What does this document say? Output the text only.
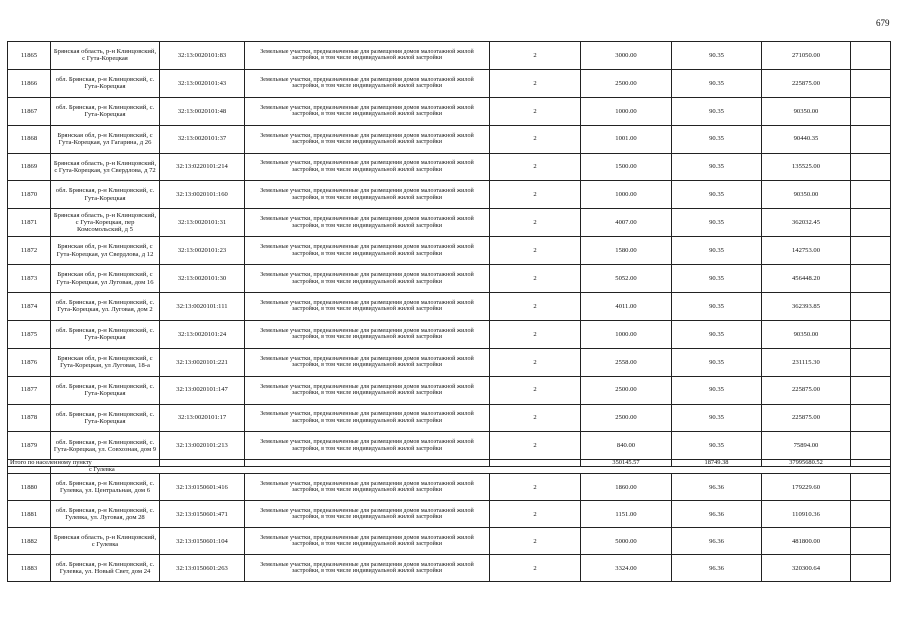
679
11865	Брянская область, р-н Клинцовский, с Гута-Корецкая	32:13:0020101:83	Земельные участки, предназначенные для размещения домов малоэтажной жилой застройки, в том числе индивидуальной жилой застройки	2	3000.00	90.35	271050.00	
11866	обл. Брянская, р-н Клинцовский, с. Гута-Корецкая	32:13:0020101:43	Земельные участки, предназначенные для размещения домов малоэтажной жилой застройки, в том числе индивидуальной жилой застройки	2	2500.00	90.35	225875.00	
11867	обл. Брянская, р-н Клинцовский, с. Гута-Корецкая	32:13:0020101:48	Земельные участки, предназначенные для размещения домов малоэтажной жилой застройки, в том числе индивидуальной жилой застройки	2	1000.00	90.35	90350.00	
11868	Брянская обл, р-н Клинцовский, с Гута-Корецкая, ул Гагарина, д 26	32:13:0020101:37	Земельные участки, предназначенные для размещения домов малоэтажной жилой застройки, в том числе индивидуальной жилой застройки	2	1001.00	90.35	90440.35	
11869	Брянская область, р-н Клинцовский, с Гута-Корецкая, ул Свердлова, д 72	32:13:0220101:214	Земельные участки, предназначенные для размещения домов малоэтажной жилой застройки, в том числе индивидуальной жилой застройки	2	1500.00	90.35	135525.00	
11870	обл. Брянская, р-н Клинцовский, с. Гута-Корецкая	32:13:0020101:160	Земельные участки, предназначенные для размещения домов малоэтажной жилой застройки, в том числе индивидуальной жилой застройки	2	1000.00	90.35	90350.00	
11871	Брянская область, р-н Клинцовский, с Гута-Корецкая, пер Комсомольский, д 5	32:13:0020101:31	Земельные участки, предназначенные для размещения домов малоэтажной жилой застройки, в том числе индивидуальной жилой застройки	2	4007.00	90.35	362032.45	
11872	Брянская обл, р-н Клинцовский, с Гута-Корецкая, ул Свердлова, д 12	32:13:0020101:23	Земельные участки, предназначенные для размещения домов малоэтажной жилой застройки, в том числе индивидуальной жилой застройки	2	1580.00	90.35	142753.00	
11873	Брянская обл, р-н Клинцовский, с Гута-Корецкая, ул Луговая, дом 16	32:13:0020101:30	Земельные участки, предназначенные для размещения домов малоэтажной жилой застройки, в том числе индивидуальной жилой застройки	2	5052.00	90.35	456448.20	
11874	обл. Брянская, р-н Клинцовский, с. Гута-Корецкая, ул. Луговая, дом 2	32:13:0020101:111	Земельные участки, предназначенные для размещения домов малоэтажной жилой застройки, в том числе индивидуальной жилой застройки	2	4011.00	90.35	362393.85	
11875	обл. Брянская, р-н Клинцовский, с. Гута-Корецкая	32:13:0020101:24	Земельные участки, предназначенные для размещения домов малоэтажной жилой застройки, в том числе индивидуальной жилой застройки	2	1000.00	90.35	90350.00	
11876	Брянская обл, р-н Клинцовский, с Гута-Корецкая, ул Луговая, 18-а	32:13:0020101:221	Земельные участки, предназначенные для размещения домов малоэтажной жилой застройки, в том числе индивидуальной жилой застройки	2	2558.00	90.35	231115.30	
11877	обл. Брянская, р-н Клинцовский, с. Гута-Корецкая	32:13:0020101:147	Земельные участки, предназначенные для размещения домов малоэтажной жилой застройки, в том числе индивидуальной жилой застройки	2	2500.00	90.35	225875.00	
11878	обл. Брянская, р-н Клинцовский, с. Гута-Корецкая	32:13:0020101:17	Земельные участки, предназначенные для размещения домов малоэтажной жилой застройки, в том числе индивидуальной жилой застройки	2	2500.00	90.35	225875.00	
11879	обл. Брянская, р-н Клинцовский, с. Гута-Корецкая, ул. Совхозная, дом 9	32:13:0020101:213	Земельные участки, предназначенные для размещения домов малоэтажной жилой застройки, в том числе индивидуальной жилой застройки	2	840.00	90.35	75894.00	
Итого по населенному пункту					350145.57	18749.38	37995680.52	
	с Гулевка							
11880	обл. Брянская, р-н Клинцовский, с. Гулевка, ул. Центральная, дом 6	32:13:0150601:416	Земельные участки, предназначенные для размещения домов малоэтажной жилой застройки, в том числе индивидуальной жилой застройки	2	1860.00	96.36	179229.60	
11881	обл. Брянская, р-н Клинцовский, с. Гулевка, ул. Луговая, дом 28	32:13:0150601:471	Земельные участки, предназначенные для размещения домов малоэтажной жилой застройки, в том числе индивидуальной жилой застройки	2	1151.00	96.36	110910.36	
11882	Брянская область, р-н Клинцовский, с Гулевка	32:13:0150601:104	Земельные участки, предназначенные для размещения домов малоэтажной жилой застройки, в том числе индивидуальной жилой застройки	2	5000.00	96.36	481800.00	
11883	обл. Брянская, р-н Клинцовский, с. Гулевка, ул. Новый Свет, дом 24	32:13:0150601:263	Земельные участки, предназначенные для размещения домов малоэтажной жилой застройки, в том числе индивидуальной жилой застройки	2	3324.00	96.36	320300.64	
